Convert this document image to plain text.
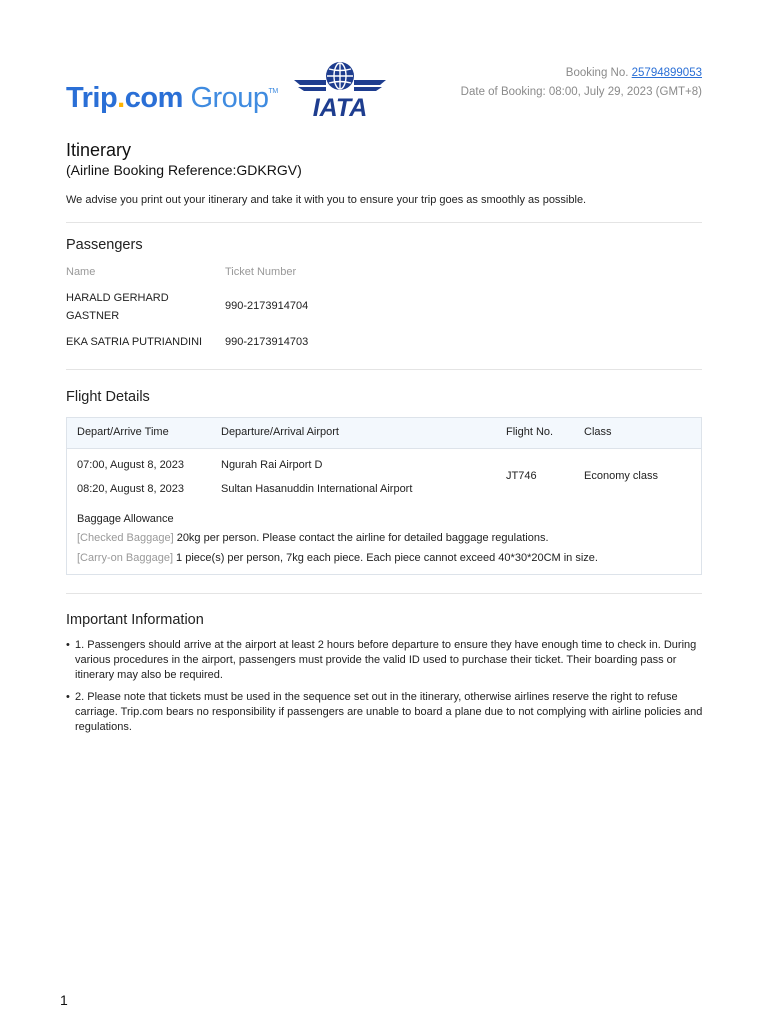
Trip.com Group™
IATA
Booking No. 25794899053
Date of Booking: 08:00, July 29, 2023 (GMT+8)
Itinerary
(Airline Booking Reference:GDKRGV)
We advise you print out your itinerary and take it with you to ensure your trip goes as smoothly as possible.
Passengers
Name	Ticket Number
HARALD GERHARD
GASTNER
990-2173914704
EKA SATRIA PUTRIANDINI 990-2173914703
Flight Details
Depart/Arrive Time	Departure/Arrival Airport	Flight No.	Class
07:00, August 8, 2023	Ngurah Rai Airport D
08:20, August 8, 2023	Sultan Hasanuddin International Airport
JT746	Economy class
Baggage Allowance
[Checked Baggage] 20kg per person. Please contact the airline for detailed baggage regulations.
[Carry-on Baggage] 1 piece(s) per person, 7kg each piece. Each piece cannot exceed 40*30*20CM in size.
Important Information
• 1. Passengers should arrive at the airport at least 2 hours before departure to ensure they have enough time to check in. During various procedures in the airport, passengers must provide the valid ID used to purchase their ticket. Their boarding pass or itinerary may also be required.
• 2. Please note that tickets must be used in the sequence set out in the itinerary, otherwise airlines reserve the right to refuse carriage. Trip.com bears no responsibility if passengers are unable to board a plane due to not complying with airline policies and regulations.
1
